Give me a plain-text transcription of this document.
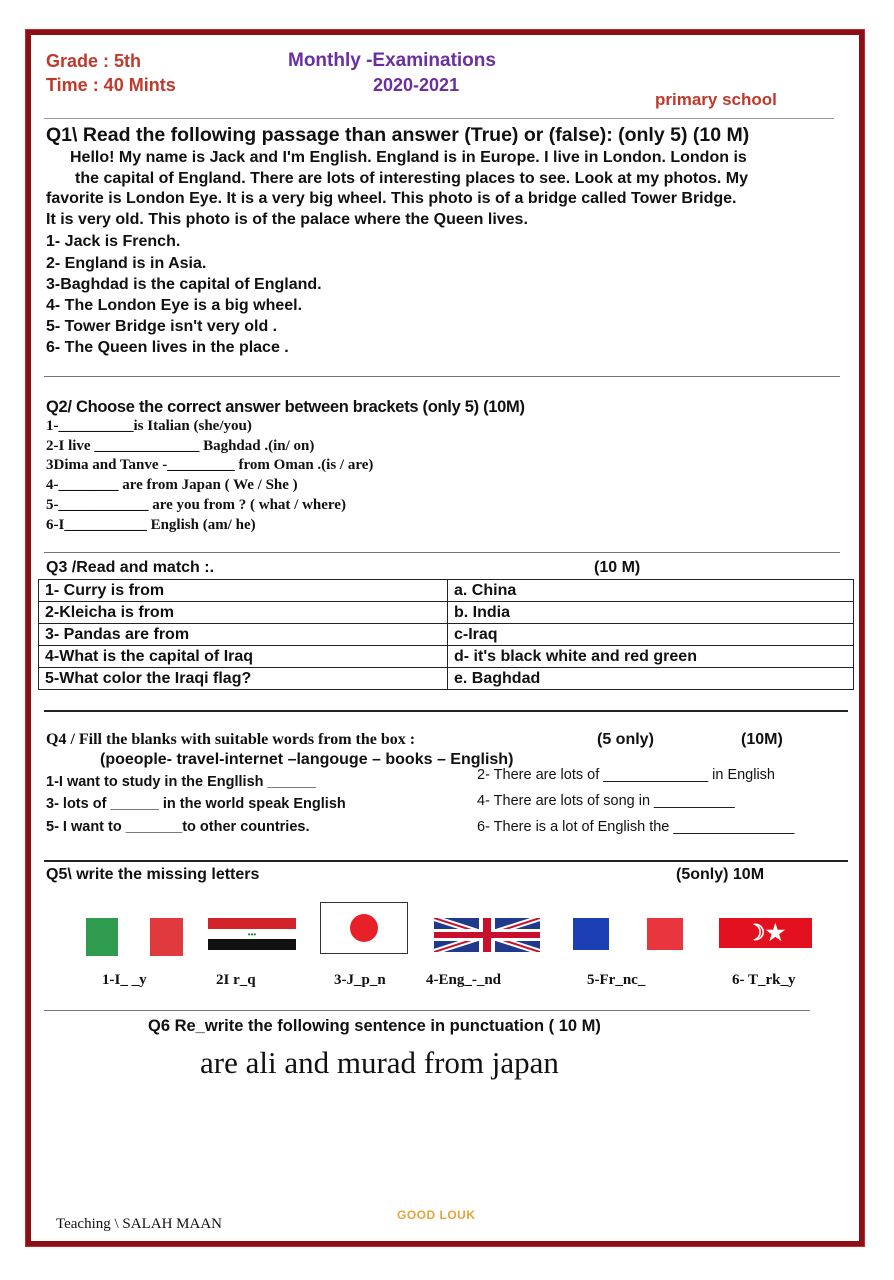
Grade : 5th
Time : 40 Mints
Monthly -Examinations
2020-2021
primary school
Q1\ Read the following passage than answer (True) or (false): (only 5) (10 M)
Hello! My name is Jack and I'm English. England is in Europe. I live in London. London is
the capital of England. There are lots of interesting places to see. Look at my photos. My
favorite is London Eye. It is a very big wheel. This photo is of a bridge called Tower Bridge.
It is very old. This photo is of the palace where the Queen lives.
1- Jack is French.
2- England is in Asia.
3-Baghdad is the capital of England.
4- The London Eye is a big wheel.
5- Tower Bridge isn't very old .
6- The Queen lives in the place .
Q2/ Choose the correct answer between brackets (only 5) (10M)
1-__________is Italian (she/you)
2-I live ______________ Baghdad .(in/ on)
3Dima and Tanve -_________ from Oman .(is / are)
4-________ are from Japan ( We / She )
5-____________ are you from ? ( what / where)
6-I___________ English (am/ he)
Q3 /Read and match :.	(10 M)
1- Curry is from	a. China
2-Kleicha is from	b. India
3- Pandas are from	c-Iraq
4-What is the capital of Iraq	d- it's black white and red green
5-What color the Iraqi flag?	e. Baghdad
Q4 / Fill the blanks with suitable words from the box :	(5 only)	(10M)
(poeople- travel-internet –langouge – books – English)
1-I want to study in the Engllish ______
3- lots of ______ in the world speak English
5- I want to _______to other countries.
2- There are lots of _____________ in English
4- There are lots of song in __________
6- There is a lot of English the _______________
Q5\ write the missing letters	(5only) 10M
•••	☽★
1-I_ _y	2I r_q	3-J_p_n	4-Eng_-_nd	5-Fr_nc_	6- T_rk_y
Q6 Re_write the following sentence in punctuation ( 10 M)
are ali and murad from japan
GOOD LOUK
Teaching \ SALAH MAAN
